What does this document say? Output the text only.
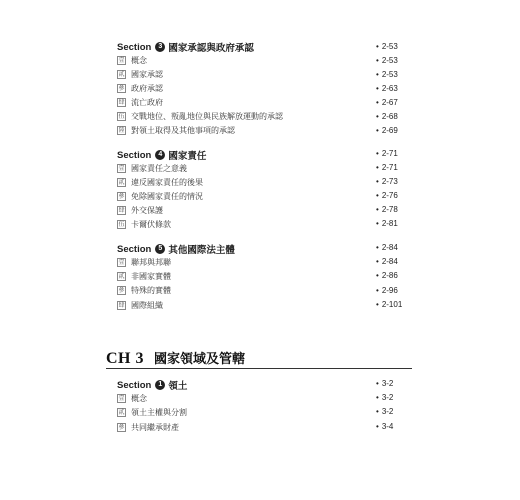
Section	3 國家承認與政府承認	• 2-53
壹 概念	• 2-53
貳 國家承認	• 2-53
參 政府承認	• 2-63
肆 流亡政府	• 2-67
伍 交戰地位、叛亂地位與民族解放運動的承認	• 2-68
陸 對領土取得及其他事項的承認	• 2-69
Section	4 國家責任	• 2-71
壹 國家責任之意義	• 2-71
貳 違反國家責任的後果	• 2-73
參 免除國家責任的情況	• 2-76
肆 外交保護	• 2-78
伍 卡爾伏條款	• 2-81
Section	5 其他國際法主體	• 2-84
壹 聯邦與邦聯	• 2-84
貳 非國家實體	• 2-86
參 特殊的實體	• 2-96
肆 國際組織	• 2-101
CH 3 國家領域及管轄
Section	1 領土	• 3-2
壹 概念	• 3-2
貳 領土主權與分割	• 3-2
參 共同繼承財產	• 3-4
